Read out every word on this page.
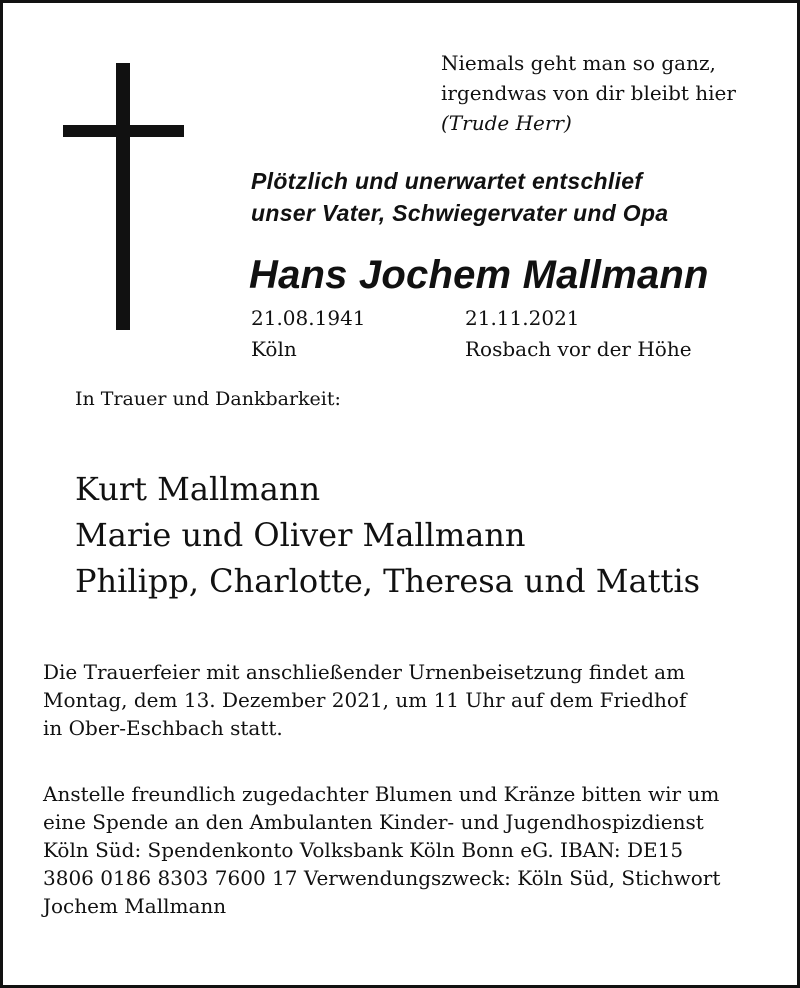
Niemals geht man so ganz,
irgendwas von dir bleibt hier
(Trude Herr)
Plötzlich und unerwartet entschlief
unser Vater, Schwiegervater und Opa
Hans Jochem Mallmann
21.08.1941
Köln
21.11.2021
Rosbach vor der Höhe
In Trauer und Dankbarkeit:
Kurt Mallmann
Marie und Oliver Mallmann
Philipp, Charlotte, Theresa und Mattis
Die Trauerfeier mit anschließender Urnenbeisetzung findet am
Montag, dem 13. Dezember 2021, um 11 Uhr auf dem Friedhof
in Ober-Eschbach statt.
Anstelle freundlich zugedachter Blumen und Kränze bitten wir um
eine Spende an den Ambulanten Kinder- und Jugendhospizdienst
Köln Süd: Spendenkonto Volksbank Köln Bonn eG. IBAN: DE15
3806 0186 8303 7600 17 Verwendungszweck: Köln Süd, Stichwort
Jochem Mallmann
